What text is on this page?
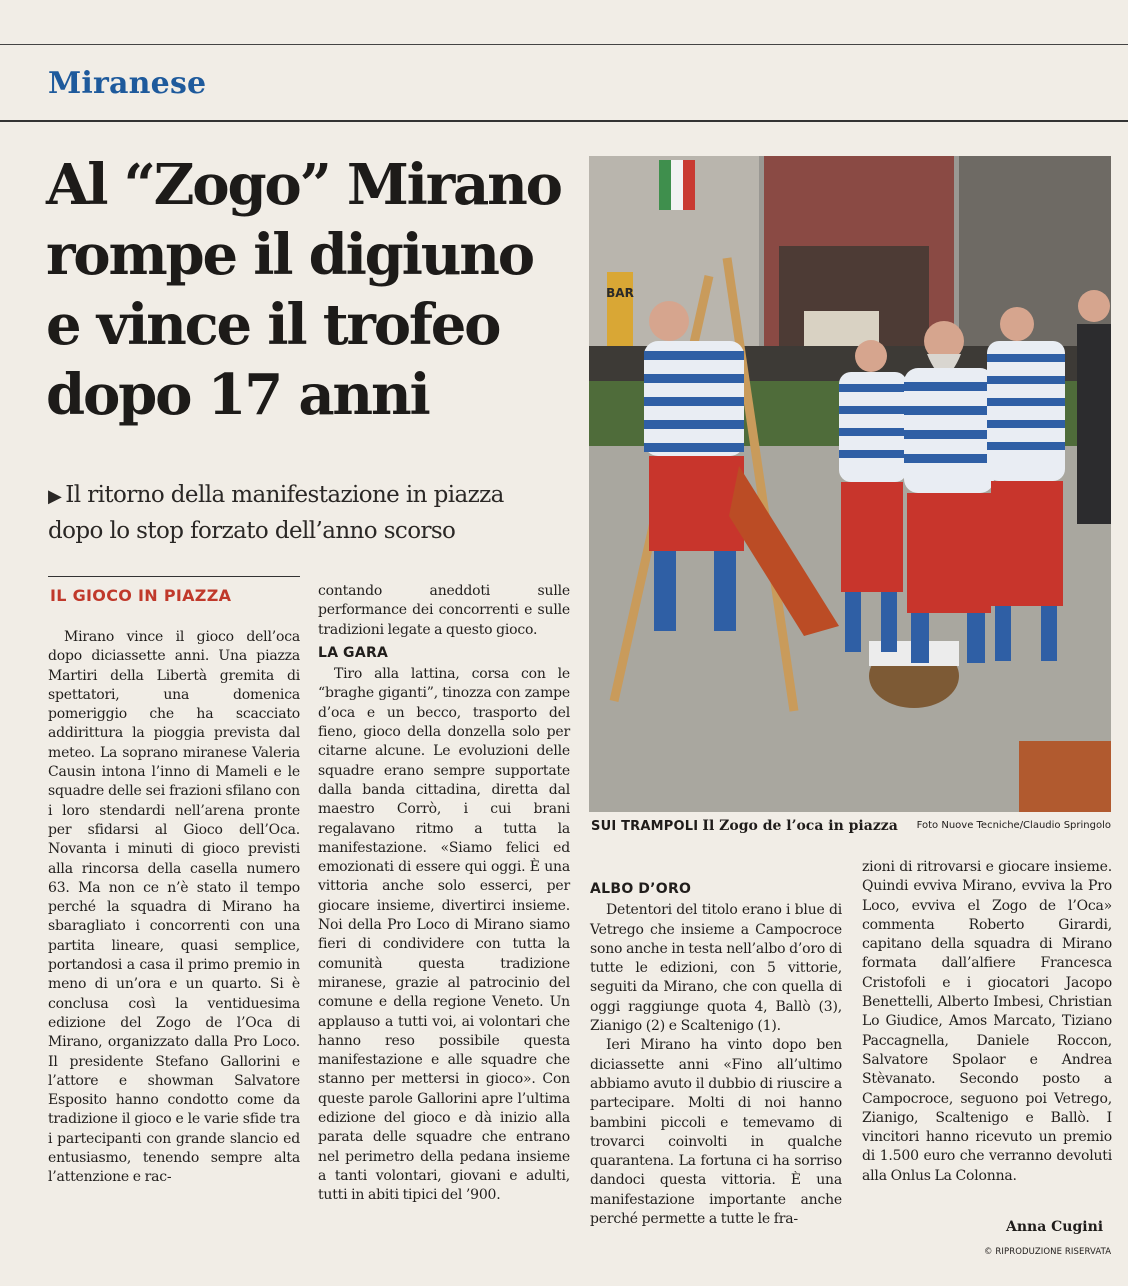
Miranese
Al “Zogo” Mirano
rompe il digiuno
e vince il trofeo
dopo 17 anni
▶ Il ritorno della manifestazione in piazza
dopo lo stop forzato dell’anno scorso
IL GIOCO IN PIAZZA

Mirano vince il gioco dell’oca dopo diciassette anni. Una piazza Martiri della Libertà gremita di spettatori, una domenica pomeriggio che ha scacciato addirittura la pioggia prevista dal meteo. La soprano miranese Valeria Causin intona l’inno di Mameli e le squadre delle sei frazioni sfilano con i loro stendardi nell’arena pronte per sfidarsi al Gioco dell’Oca. Novanta i minuti di gioco previsti alla rincorsa della casella numero 63. Ma non ce n’è stato il tempo perché la squadra di Mirano ha sbaragliato i concorrenti con una partita lineare, quasi semplice, portandosi a casa il primo premio in meno di un’ora e un quarto. Si è conclusa così la ventiduesima edizione del Zogo de l’Oca di Mirano, organizzato dalla Pro Loco. Il presidente Stefano Gallorini e l’attore e showman Salvatore Esposito hanno condotto come da tradizione il gioco e le varie sfide tra i partecipanti con grande slancio ed entusiasmo, tenendo sempre alta l’attenzione e rac-

contando aneddoti sulle performance dei concorrenti e sulle tradizioni legate a questo gioco.

LA GARA

Tiro alla lattina, corsa con le “braghe giganti”, tinozza con zampe d’oca e un becco, trasporto del fieno, gioco della donzella solo per citarne alcune. Le evoluzioni delle squadre erano sempre supportate dalla banda cittadina, diretta dal maestro Corrò, i cui brani regalavano ritmo a tutta la manifestazione. «Siamo felici ed emozionati di essere qui oggi. È una vittoria anche solo esserci, per giocare insieme, divertirci insieme. Noi della Pro Loco di Mirano siamo fieri di condividere con tutta la comunità questa tradizione miranese, grazie al patrocinio del comune e della regione Veneto. Un applauso a tutti voi, ai volontari che hanno reso possibile questa manifestazione e alle squadre che stanno per mettersi in gioco». Con queste parole Gallorini apre l’ultima edizione del gioco e dà inizio alla parata delle squadre che entrano nel perimetro della pedana insieme a tanti volontari, giovani e adulti, tutti in abiti tipici del ’900.

BAR
SUI TRAMPOLI Il Zogo de l’oca in piazza Foto Nuove Tecniche/Claudio Springolo
ALBO D’ORO

Detentori del titolo erano i blue di Vetrego che insieme a Campocroce sono anche in testa nell’albo d’oro di tutte le edizioni, con 5 vittorie, seguiti da Mirano, che con quella di oggi raggiunge quota 4, Ballò (3), Zianigo (2) e Scaltenigo (1).

Ieri Mirano ha vinto dopo ben diciassette anni «Fino all’ultimo abbiamo avuto il dubbio di riuscire a partecipare. Molti di noi hanno bambini piccoli e temevamo di trovarci coinvolti in qualche quarantena. La fortuna ci ha sorriso dandoci questa vittoria. È una manifestazione importante anche perché permette a tutte le fra-

zioni di ritrovarsi e giocare insieme. Quindi evviva Mirano, evviva la Pro Loco, evviva el Zogo de l’Oca» commenta Roberto Girardi, capitano della squadra di Mirano formata dall’alfiere Francesca Cristofoli e i giocatori Jacopo Benettelli, Alberto Imbesi, Christian Lo Giudice, Amos Marcato, Tiziano Paccagnella, Daniele Roccon, Salvatore Spolaor e Andrea Stèvanato. Secondo posto a Campocroce, seguono poi Vetrego, Zianigo, Scaltenigo e Ballò. I vincitori hanno ricevuto un premio di 1.500 euro che verranno devoluti alla Onlus La Colonna.

Anna Cugini
© RIPRODUZIONE RISERVATA
